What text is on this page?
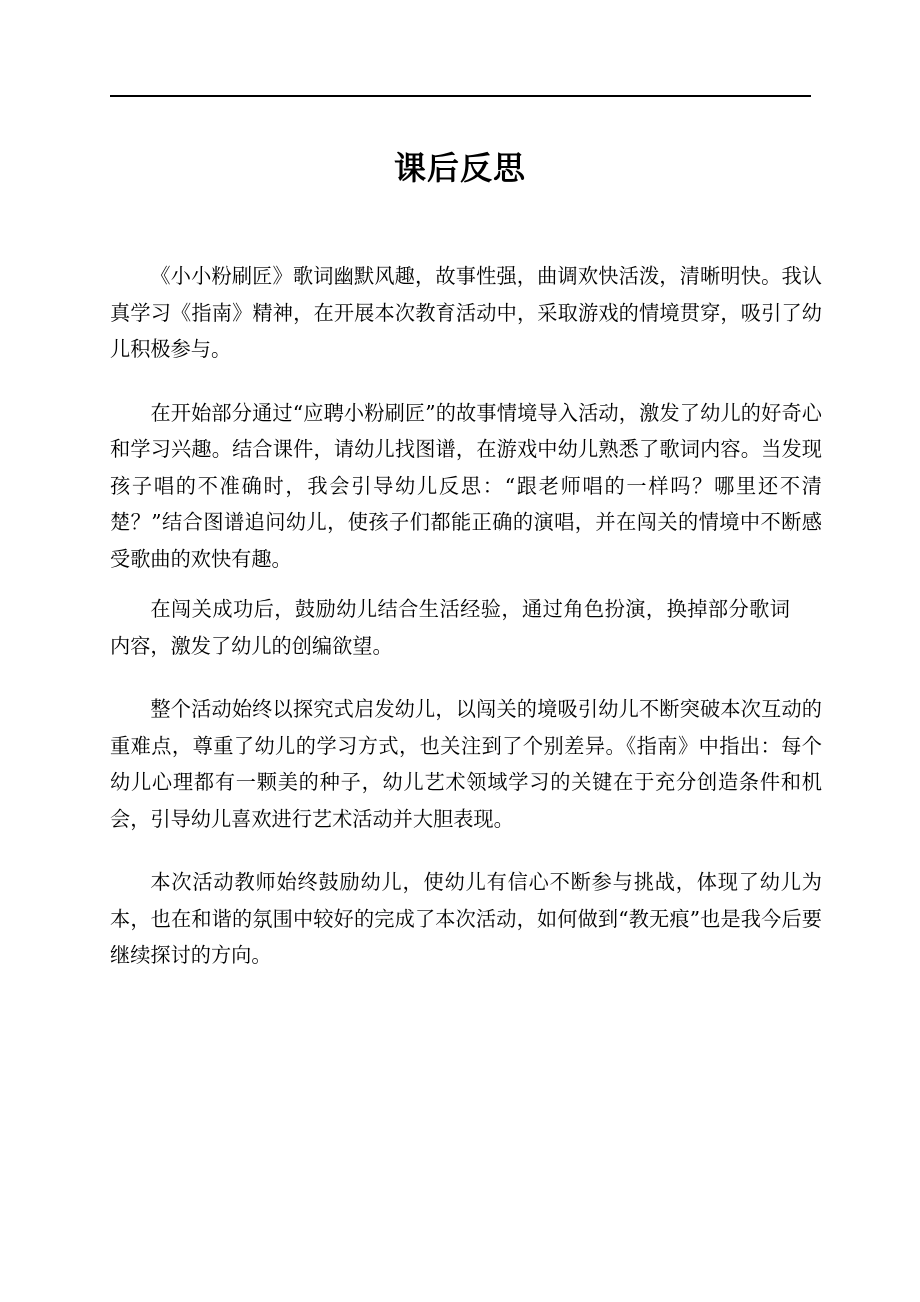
课后反思

《小小粉刷匠》歌词幽默风趣，故事性强，曲调欢快活泼，清晰明快。我认真学习《指南》精神，在开展本次教育活动中，采取游戏的情境贯穿，吸引了幼儿积极参与。

在开始部分通过“应聘小粉刷匠”的故事情境导入活动，激发了幼儿的好奇心和学习兴趣。结合课件，请幼儿找图谱，在游戏中幼儿熟悉了歌词内容。当发现孩子唱的不准确时，我会引导幼儿反思：“跟老师唱的一样吗？哪里还不清楚？”结合图谱追问幼儿，使孩子们都能正确的演唱，并在闯关的情境中不断感受歌曲的欢快有趣。

在闯关成功后，鼓励幼儿结合生活经验，通过角色扮演，换掉部分歌词内容，激发了幼儿的创编欲望。

整个活动始终以探究式启发幼儿，以闯关的境吸引幼儿不断突破本次互动的重难点，尊重了幼儿的学习方式，也关注到了个别差异。《指南》中指出：每个幼儿心理都有一颗美的种子，幼儿艺术领域学习的关键在于充分创造条件和机会，引导幼儿喜欢进行艺术活动并大胆表现。

本次活动教师始终鼓励幼儿，使幼儿有信心不断参与挑战，体现了幼儿为本，也在和谐的氛围中较好的完成了本次活动，如何做到“教无痕”也是我今后要继续探讨的方向。
